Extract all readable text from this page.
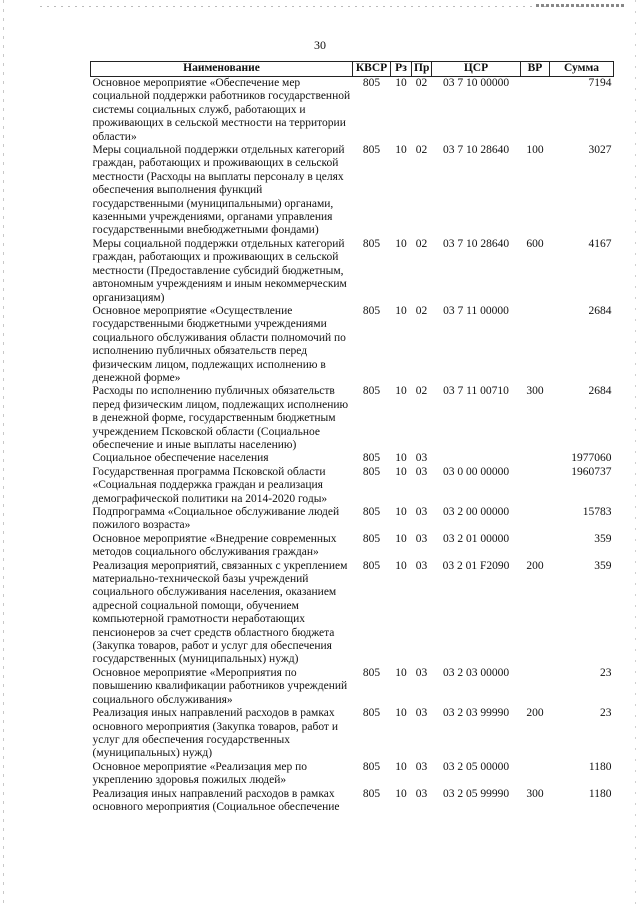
30
Наименование	КВСР	Рз	Пр	ЦСР	ВР	Сумма
Основное мероприятие «Обеспечение мер социальной поддержки работников государственной системы социальных служб, работающих и проживающих в сельской местности на территории области»	805	10	02	03 7 10 00000		7194
Меры социальной поддержки отдельных категорий граждан, работающих и проживающих в сельской местности (Расходы на выплаты персоналу в целях обеспечения выполнения функций государственными (муниципальными) органами, казенными учреждениями, органами управления государственными внебюджетными фондами)	805	10	02	03 7 10 28640	100	3027
Меры социальной поддержки отдельных категорий граждан, работающих и проживающих в сельской местности (Предоставление субсидий бюджетным, автономным учреждениям и иным некоммерческим организациям)	805	10	02	03 7 10 28640	600	4167
Основное мероприятие «Осуществление государственными бюджетными учреждениями социального обслуживания области полномочий по исполнению публичных обязательств перед физическим лицом, подлежащих исполнению в денежной форме»	805	10	02	03 7 11 00000		2684
Расходы по исполнению публичных обязательств перед физическим лицом, подлежащих исполнению в денежной форме, государственным бюджетным учреждением Псковской области (Социальное обеспечение и иные выплаты населению)	805	10	02	03 7 11 00710	300	2684
Социальное обеспечение населения	805	10	03			1977060
Государственная программа Псковской области «Социальная поддержка граждан и реализация демографической политики на 2014-2020 годы»	805	10	03	03 0 00 00000		1960737
Подпрограмма «Социальное обслуживание людей пожилого возраста»	805	10	03	03 2 00 00000		15783
Основное мероприятие «Внедрение современных методов социального обслуживания граждан»	805	10	03	03 2 01 00000		359
Реализация мероприятий, связанных с укреплением материально-технической базы учреждений социального обслуживания населения, оказанием адресной социальной помощи, обучением компьютерной грамотности неработающих пенсионеров за счет средств областного бюджета (Закупка товаров, работ и услуг для обеспечения государственных (муниципальных) нужд)	805	10	03	03 2 01 F2090	200	359
Основное мероприятие «Мероприятия по повышению квалификации работников учреждений социального обслуживания»	805	10	03	03 2 03 00000		23
Реализация иных направлений расходов в рамках основного мероприятия (Закупка товаров, работ и услуг для обеспечения государственных (муниципальных) нужд)	805	10	03	03 2 03 99990	200	23
Основное мероприятие «Реализация мер по укреплению здоровья пожилых людей»	805	10	03	03 2 05 00000		1180
Реализация иных направлений расходов в рамках основного мероприятия (Социальное обеспечение	805	10	03	03 2 05 99990	300	1180
